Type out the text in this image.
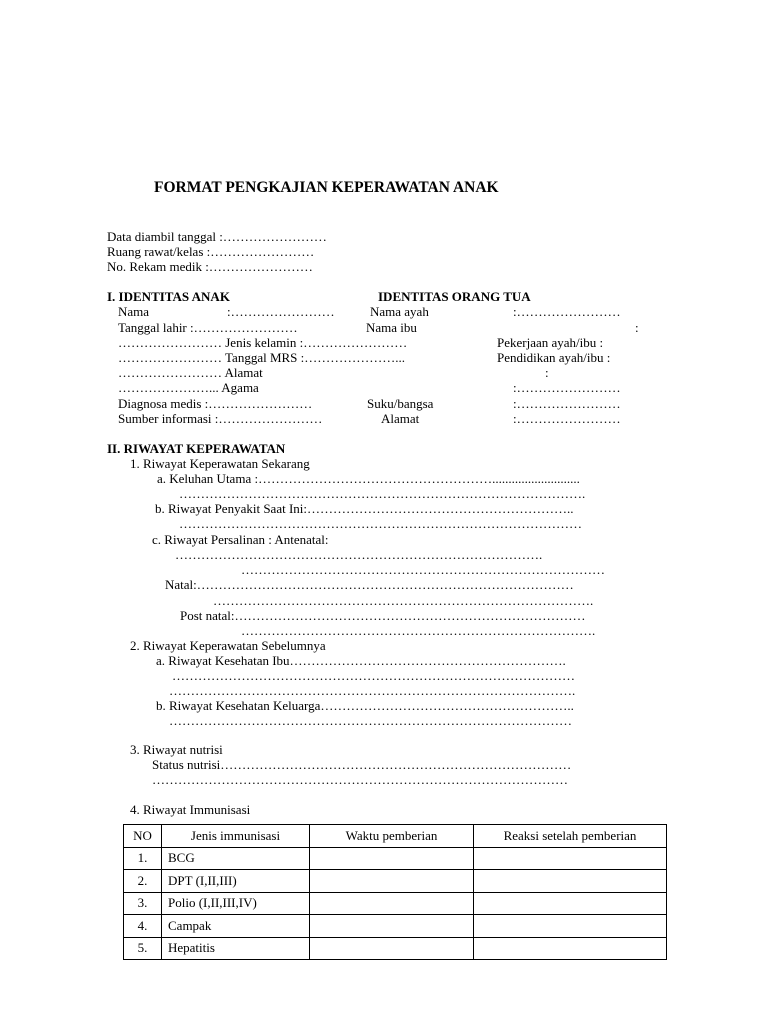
FORMAT PENGKAJIAN KEPERAWATAN ANAK
Data diambil tanggal :……………………
Ruang rawat/kelas :……………………
No. Rekam medik :……………………
I. IDENTITAS ANAK	IDENTITAS ORANG TUA
Nama	:……………………	Nama ayah	:……………………
Tanggal lahir :……………………	Nama ibu	:
…………………… Jenis kelamin :……………………	Pekerjaan ayah/ibu :
…………………… Tanggal MRS :…………………...	Pendidikan ayah/ibu :
…………………… Alamat	:
…………………... Agama	:……………………
Diagnosa medis :……………………	Suku/bangsa	:……………………
Sumber informasi :……………………	Alamat	:……………………
II. RIWAYAT KEPERAWATAN
1. Riwayat Keperawatan Sekarang
a. Keluhan Utama :………………………………………………...........................
………………………………………………………………………………….
b. Riwayat Penyakit Saat Ini:……………………………………………………..
…………………………………………………………………………………
c. Riwayat Persalinan : Antenatal:
………………………………………………………………………….
…………………………………………………………………………
Natal:……………………………………………………………………………
…………………………………………………………………………….
Post natal:………………………………………………………………………
……………………………………………………………………….
2. Riwayat Keperawatan Sebelumnya
a. Riwayat Kesehatan Ibu……………………………………………………….
…………………………………………………………………………………
………………………………………………………………………………….
b. Riwayat Kesehatan Keluarga…………………………………………………..
…………………………………………………………………………………
3. Riwayat nutrisi
Status nutrisi………………………………………………………………………
……………………………………………………………………………………
4. Riwayat Immunisasi
NO	Jenis immunisasi	Waktu pemberian	Reaksi setelah pemberian
1.	BCG		
2.	DPT (I,II,III)		
3.	Polio (I,II,III,IV)		
4.	Campak		
5.	Hepatitis		
